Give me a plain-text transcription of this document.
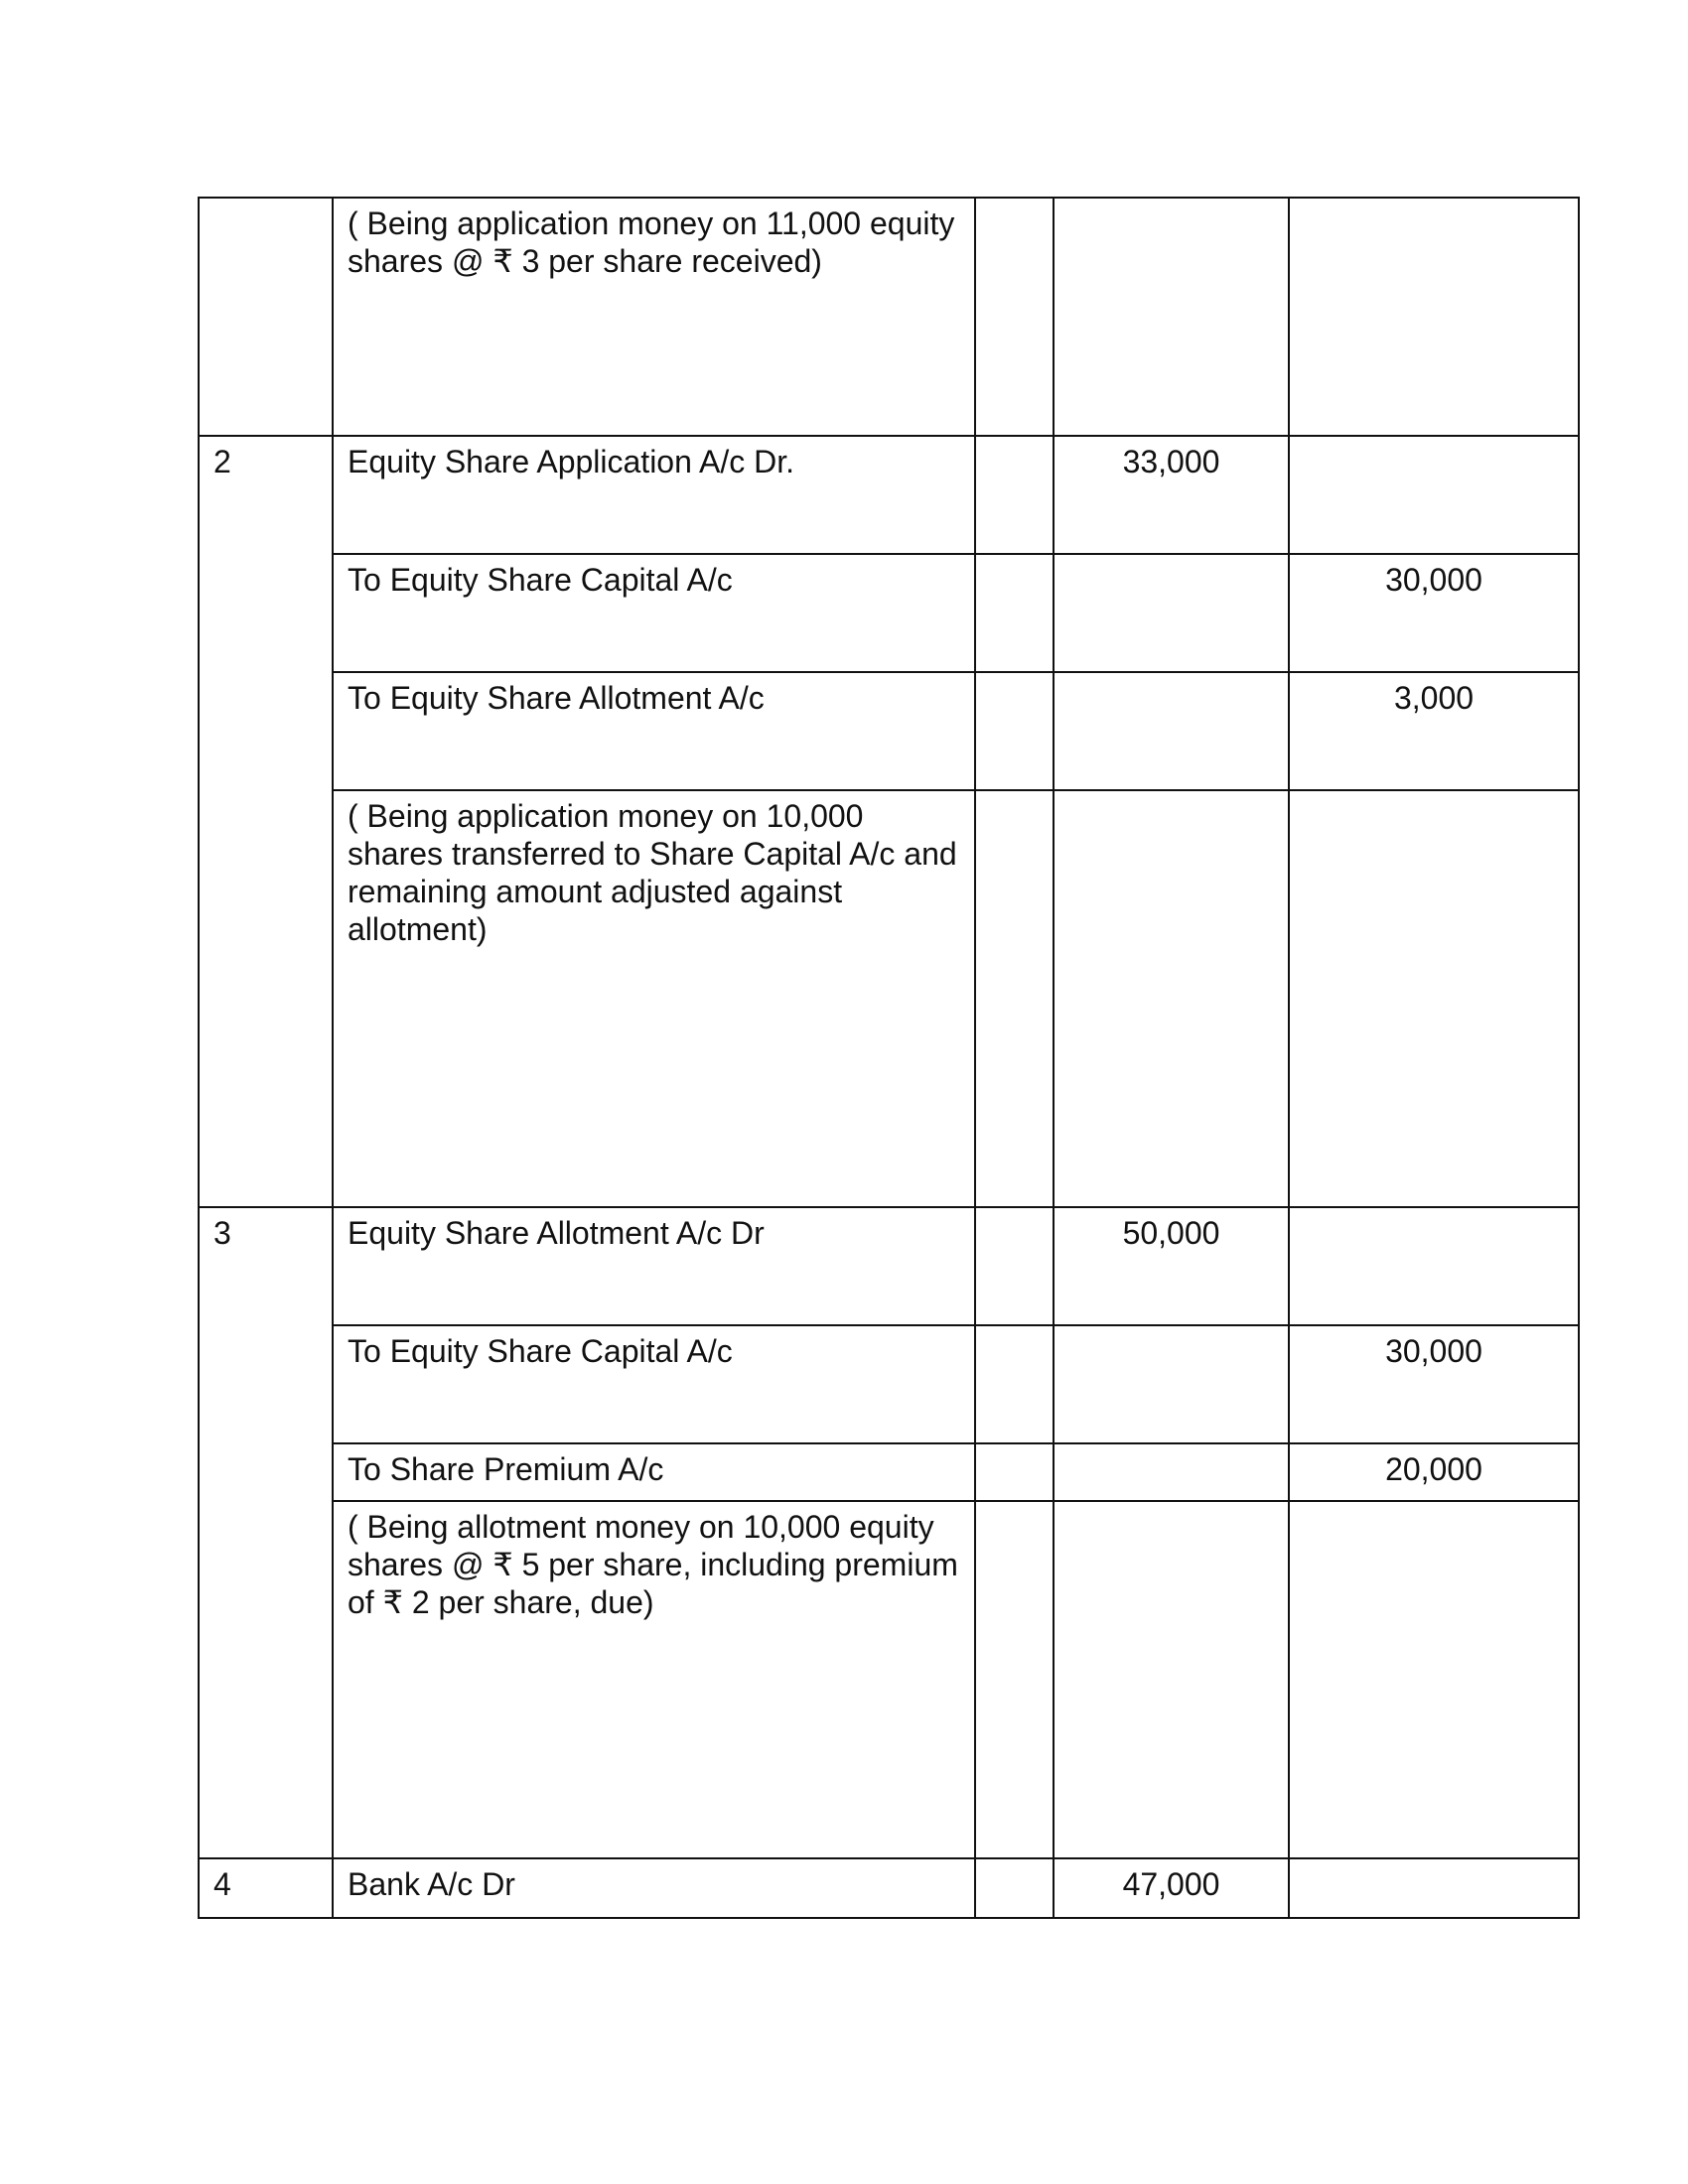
	( Being application money on 11,000 equity shares @ ₹ 3 per share received)			
2	Equity Share Application A/c Dr.		33,000	
	To Equity Share Capital A/c			30,000
	To Equity Share Allotment A/c			3,000
	( Being application money on 10,000 shares transferred to Share Capital A/c and remaining amount adjusted against allotment)			
3	Equity Share Allotment A/c Dr		50,000	
	To Equity Share Capital A/c			30,000
	To Share Premium A/c			20,000
	( Being allotment money on 10,000 equity shares @ ₹ 5 per share, including premium of ₹ 2 per share, due)			
4	Bank A/c Dr		47,000	
